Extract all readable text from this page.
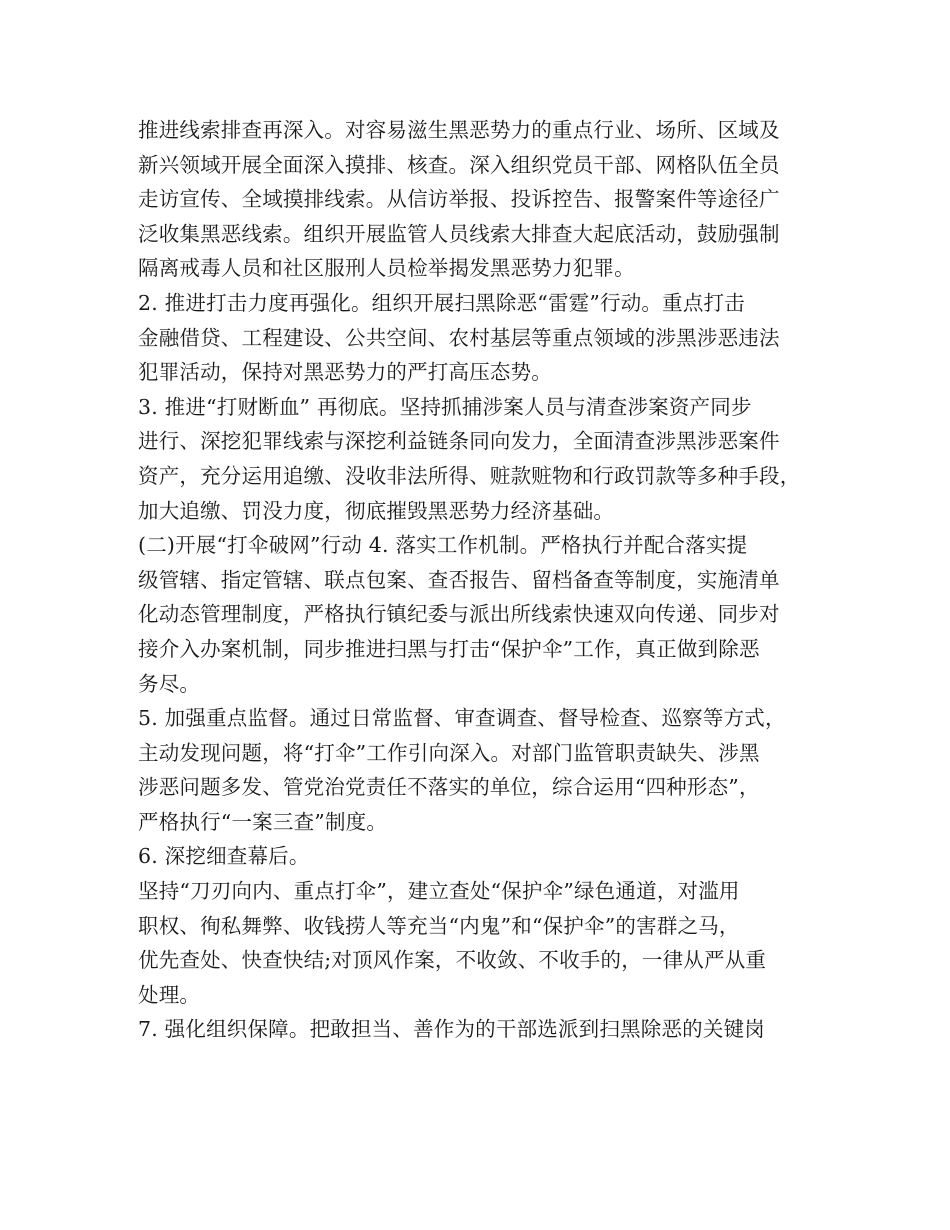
推进线索排查再深入。对容易滋生黑恶势力的重点行业、场所、区域及
新兴领域开展全面深入摸排、核查。深入组织党员干部、网格队伍全员
走访宣传、全域摸排线索。从信访举报、投诉控告、报警案件等途径广
泛收集黑恶线索。组织开展监管人员线索大排查大起底活动，鼓励强制
隔离戒毒人员和社区服刑人员检举揭发黑恶势力犯罪。
2. 推进打击力度再强化。组织开展扫黑除恶“雷霆”行动。重点打击
金融借贷、工程建设、公共空间、农村基层等重点领域的涉黑涉恶违法
犯罪活动，保持对黑恶势力的严打高压态势。
3. 推进“打财断血” 再彻底。坚持抓捕涉案人员与清查涉案资产同步
进行、深挖犯罪线索与深挖利益链条同向发力，全面清查涉黑涉恶案件
资产，充分运用追缴、没收非法所得、赃款赃物和行政罚款等多种手段，
加大追缴、罚没力度，彻底摧毁黑恶势力经济基础。
(二)开展“打伞破网”行动 4. 落实工作机制。严格执行并配合落实提
级管辖、指定管辖、联点包案、查否报告、留档备查等制度，实施清单
化动态管理制度，严格执行镇纪委与派出所线索快速双向传递、同步对
接介入办案机制，同步推进扫黑与打击“保护伞”工作，真正做到除恶
务尽。
5. 加强重点监督。通过日常监督、审查调查、督导检查、巡察等方式，
主动发现问题，将“打伞”工作引向深入。对部门监管职责缺失、涉黑
涉恶问题多发、管党治党责任不落实的单位，综合运用“四种形态”，
严格执行“一案三查”制度。
6. 深挖细查幕后。
坚持“刀刃向内、重点打伞”，建立查处“保护伞”绿色通道，对滥用
职权、徇私舞弊、收钱捞人等充当“内鬼”和“保护伞”的害群之马，
优先查处、快查快结;对顶风作案，不收敛、不收手的，一律从严从重
处理。
7. 强化组织保障。把敢担当、善作为的干部选派到扫黑除恶的关键岗
